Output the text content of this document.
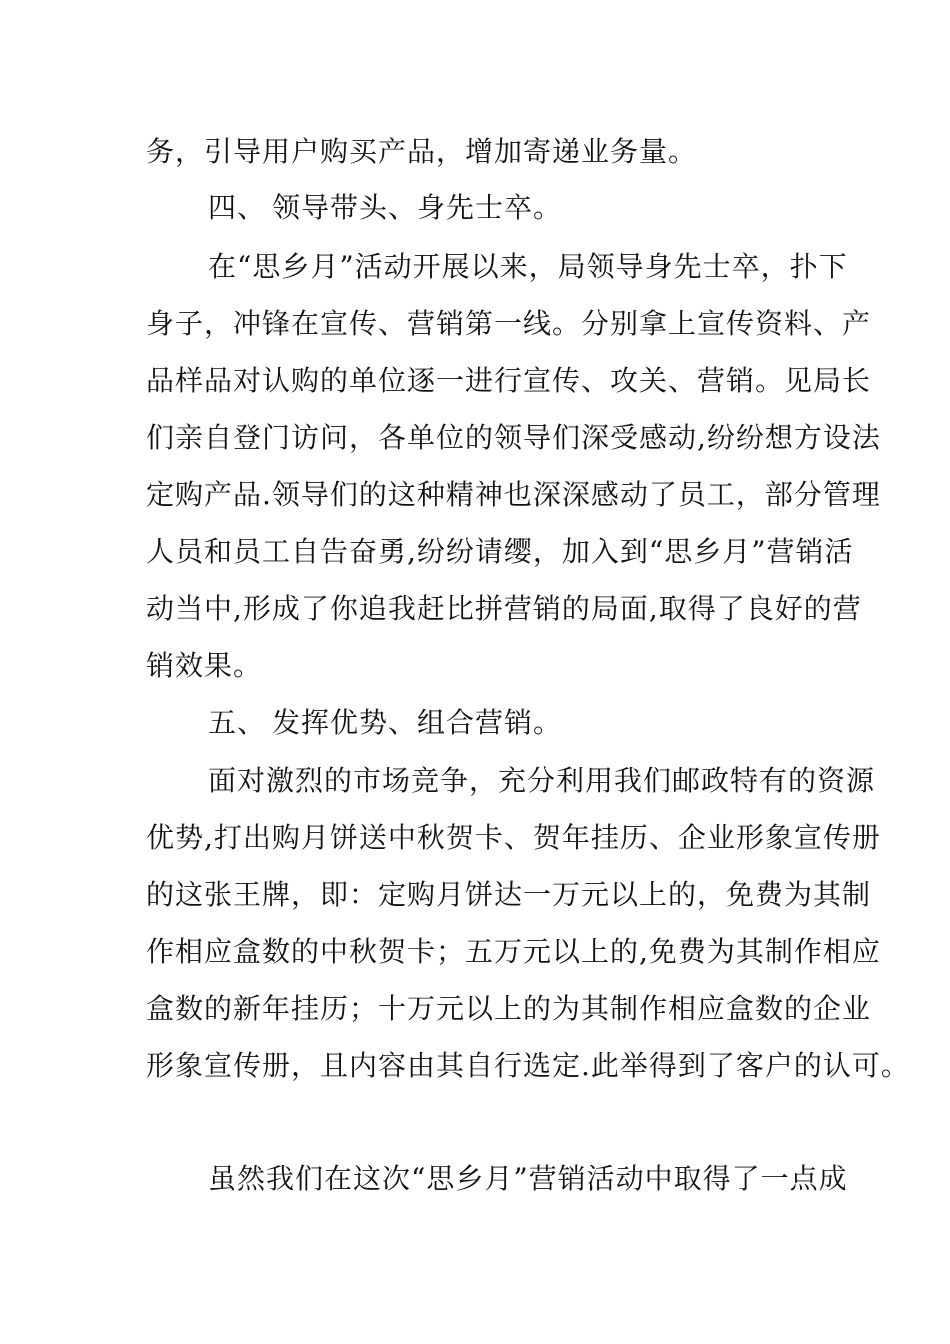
务，引导用户购买产品，增加寄递业务量。
四、 领导带头、身先士卒。
在“思乡月”活动开展以来，局领导身先士卒，扑下
身子，冲锋在宣传、营销第一线。分别拿上宣传资料、产
品样品对认购的单位逐一进行宣传、攻关、营销。见局长
们亲自登门访问，各单位的领导们深受感动,纷纷想方设法
定购产品.领导们的这种精神也深深感动了员工，部分管理
人员和员工自告奋勇,纷纷请缨，加入到“思乡月”营销活
动当中,形成了你追我赶比拼营销的局面,取得了良好的营
销效果。
五、 发挥优势、组合营销。
面对激烈的市场竞争，充分利用我们邮政特有的资源
优势,打出购月饼送中秋贺卡、贺年挂历、企业形象宣传册
的这张王牌，即：定购月饼达一万元以上的，免费为其制
作相应盒数的中秋贺卡；五万元以上的,免费为其制作相应
盒数的新年挂历；十万元以上的为其制作相应盒数的企业
形象宣传册，且内容由其自行选定.此举得到了客户的认可。
虽然我们在这次“思乡月”营销活动中取得了一点成
